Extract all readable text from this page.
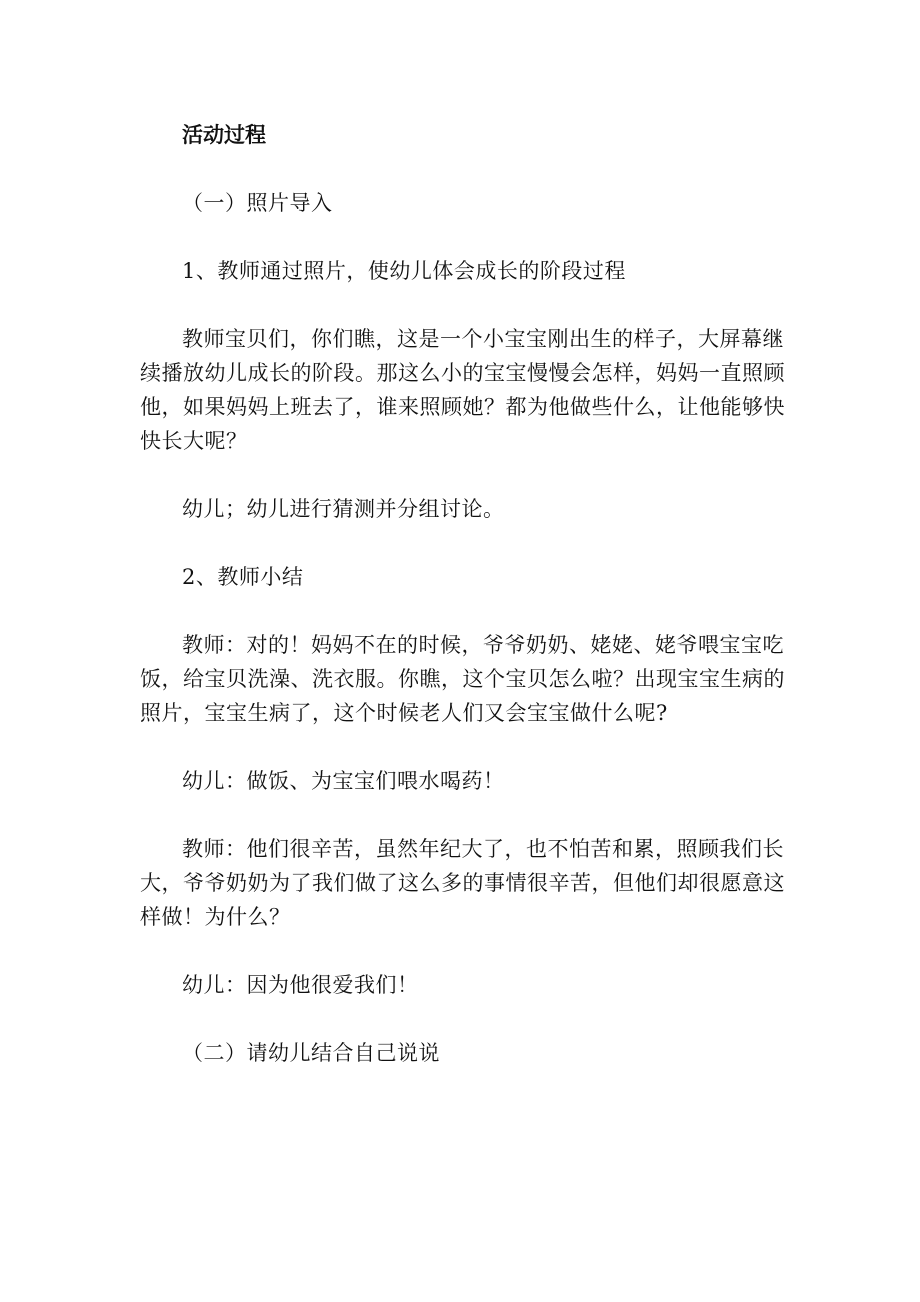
活动过程

（一）照片导入

1、教师通过照片，使幼儿体会成长的阶段过程

教师宝贝们，你们瞧，这是一个小宝宝刚出生的样子，大屏幕继续播放幼儿成长的阶段。那这么小的宝宝慢慢会怎样，妈妈一直照顾他，如果妈妈上班去了，谁来照顾她？都为他做些什么，让他能够快快长大呢？

幼儿；幼儿进行猜测并分组讨论。

2、教师小结

教师：对的！妈妈不在的时候，爷爷奶奶、姥姥、姥爷喂宝宝吃饭，给宝贝洗澡、洗衣服。你瞧，这个宝贝怎么啦？出现宝宝生病的照片，宝宝生病了，这个时候老人们又会宝宝做什么呢?

幼儿：做饭、为宝宝们喂水喝药！

教师：他们很辛苦，虽然年纪大了，也不怕苦和累，照顾我们长大，爷爷奶奶为了我们做了这么多的事情很辛苦，但他们却很愿意这样做！为什么？

幼儿：因为他很爱我们！

（二）请幼儿结合自己说说
